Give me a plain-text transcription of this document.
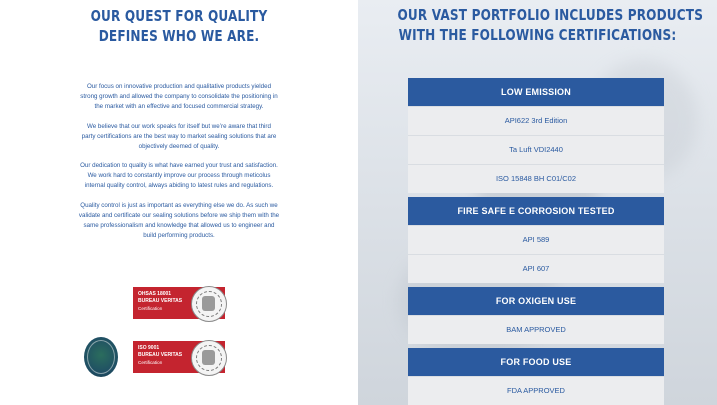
OUR QUEST FOR QUALITY
DEFINES WHO WE ARE.

Our focus on innovative production and qualitative products yielded
strong growth and allowed the company to consolidate the positioning in
the market with an effective and focused commercial strategy.

We believe that our work speaks for itself but we’re aware that third
party certifications are the best way to market sealing solutions that are
objectively deemed of quality.

Our dedication to quality is what have earned your trust and satisfaction.
We work hard to constantly improve our process through meticolus
internal quality control, always abiding to latest rules and regulations.

Quality control is just as important as everything else we do. As such we
validate and certificate our sealing solutions before we ship them with the
same professionalism and knowledge that allowed us to engineer and
build performing products.

OHSAS 18001
BUREAU VERITAS
Certification
ISO 9001
BUREAU VERITAS
Certification
OUR VAST PORTFOLIO INCLUDES PRODUCTS
WITH THE FOLLOWING CERTIFICATIONS:
LOW EMISSION
API622 3rd Edition
Ta Luft VDI2440
ISO 15848 BH C01/C02
FIRE SAFE E CORROSION TESTED
API 589
API 607
FOR OXIGEN USE
BAM APPROVED
FOR FOOD USE
FDA APPROVED
